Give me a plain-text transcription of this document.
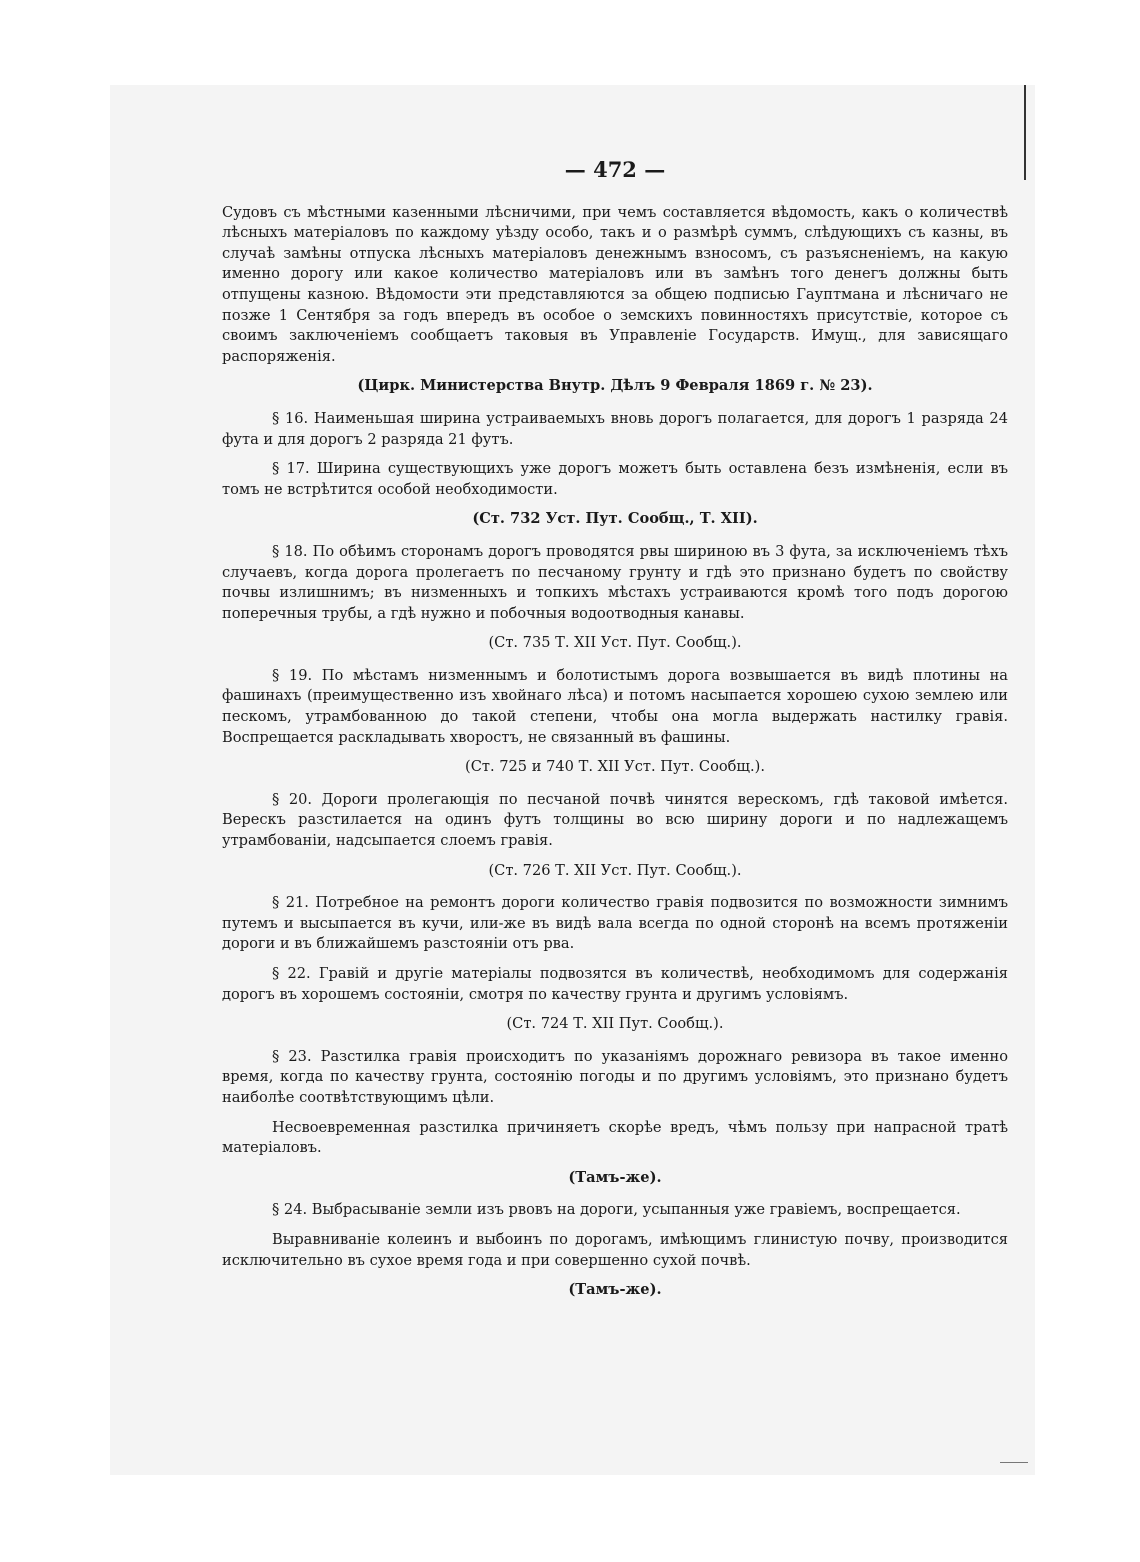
— 472 —

Судовъ съ мѣстными казенными лѣсничими, при чемъ составляется вѣдомость, какъ о количествѣ лѣсныхъ матеріаловъ по каждому уѣзду особо, такъ и о размѣрѣ суммъ, слѣдующихъ съ казны, въ случаѣ замѣны отпуска лѣсныхъ матеріаловъ денежнымъ взносомъ, съ разъясненіемъ, на какую именно дорогу или какое количество матеріаловъ или въ замѣнъ того денегъ должны быть отпущены казною. Вѣдомости эти представляются за общею подписью Гауптмана и лѣсничаго не позже 1 Сентября за годъ впередъ въ особое о земскихъ повинностяхъ присутствіе, которое съ своимъ заключеніемъ сообщаетъ таковыя въ Управленіе Государств. Имущ., для зависящаго распоряженія.

(Цирк. Министерства Внутр. Дѣлъ 9 Февраля 1869 г. № 23).

§ 16. Наименьшая ширина устраиваемыхъ вновь дорогъ полагается, для дорогъ 1 разряда 24 фута и для дорогъ 2 разряда 21 футъ.

§ 17. Ширина существующихъ уже дорогъ можетъ быть оставлена безъ измѣненія, если въ томъ не встрѣтится особой необходимости.

(Ст. 732 Уст. Пут. Сообщ., Т. XII).

§ 18. По обѣимъ сторонамъ дорогъ проводятся рвы шириною въ 3 фута, за исключеніемъ тѣхъ случаевъ, когда дорога пролегаетъ по песчаному грунту и гдѣ это признано будетъ по свойству почвы излишнимъ; въ низменныхъ и топкихъ мѣстахъ устраиваются кромѣ того подъ дорогою поперечныя трубы, а гдѣ нужно и побочныя водоотводныя канавы.

(Ст. 735 Т. XII Уст. Пут. Сообщ.).

§ 19. По мѣстамъ низменнымъ и болотистымъ дорога возвышается въ видѣ плотины на фашинахъ (преимущественно изъ хвойнаго лѣса) и потомъ насыпается хорошею сухою землею или пескомъ, утрамбованною до такой степени, чтобы она могла выдержать настилку гравія. Воспрещается раскладывать хворостъ, не связанный въ фашины.

(Ст. 725 и 740 Т. XII Уст. Пут. Сообщ.).

§ 20. Дороги пролегающія по песчаной почвѣ чинятся верескомъ, гдѣ таковой имѣется. Верескъ разстилается на одинъ футъ толщины во всю ширину дороги и по надлежащемъ утрамбованіи, надсыпается слоемъ гравія.

(Ст. 726 Т. XII Уст. Пут. Сообщ.).

§ 21. Потребное на ремонтъ дороги количество гравія подвозится по возможности зимнимъ путемъ и высыпается въ кучи, или-же въ видѣ вала всегда по одной сторонѣ на всемъ протяженіи дороги и въ ближайшемъ разстояніи отъ рва.

§ 22. Гравій и другіе матеріалы подвозятся въ количествѣ, необходимомъ для содержанія дорогъ въ хорошемъ состояніи, смотря по качеству грунта и другимъ условіямъ.

(Ст. 724 Т. XII Пут. Сообщ.).

§ 23. Разстилка гравія происходитъ по указаніямъ дорожнаго ревизора въ такое именно время, когда по качеству грунта, состоянію погоды и по другимъ условіямъ, это признано будетъ наиболѣе соотвѣтствующимъ цѣли.

Несвоевременная разстилка причиняетъ скорѣе вредъ, чѣмъ пользу при напрасной тратѣ матеріаловъ.

(Тамъ-же).

§ 24. Выбрасываніе земли изъ рвовъ на дороги, усыпанныя уже гравіемъ, воспрещается.

Выравниваніе колеинъ и выбоинъ по дорогамъ, имѣющимъ глинистую почву, производится исключительно въ сухое время года и при совершенно сухой почвѣ.

(Тамъ-же).
